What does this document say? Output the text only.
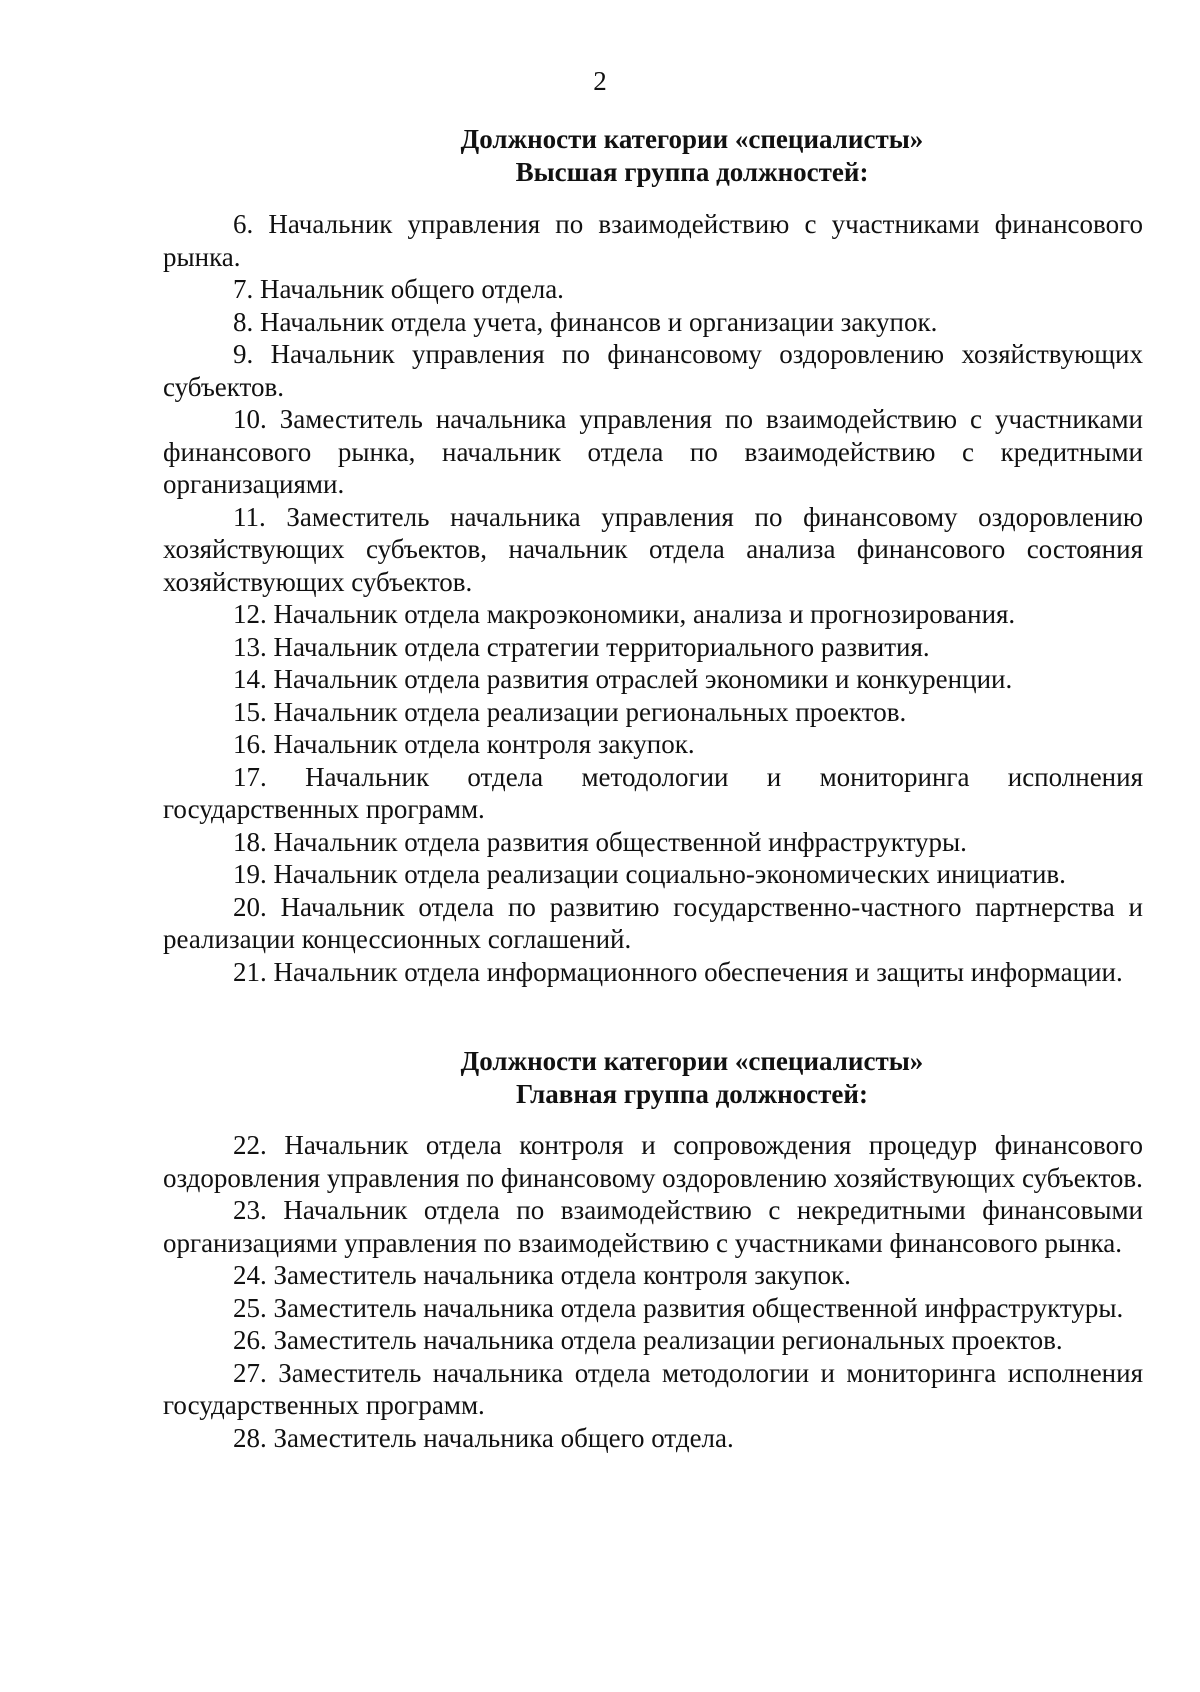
2
Должности категории «специалисты»
Высшая группа должностей:

6. Начальник управления по взаимодействию с участниками финансового рынка.

7. Начальник общего отдела.

8. Начальник отдела учета, финансов и организации закупок.

9. Начальник управления по финансовому оздоровлению хозяйствующих субъектов.

10. Заместитель начальника управления по взаимодействию с участниками финансового рынка, начальник отдела по взаимодействию с кредитными организациями.

11. Заместитель начальника управления по финансовому оздоровлению хозяйствующих субъектов, начальник отдела анализа финансового состояния хозяйствующих субъектов.

12. Начальник отдела макроэкономики, анализа и прогнозирования.

13. Начальник отдела стратегии территориального развития.

14. Начальник отдела развития отраслей экономики и конкуренции.

15. Начальник отдела реализации региональных проектов.

16. Начальник отдела контроля закупок.

17. Начальник отдела методологии и мониторинга исполнения государственных программ.

18. Начальник отдела развития общественной инфраструктуры.

19. Начальник отдела реализации социально-экономических инициатив.

20. Начальник отдела по развитию государственно-частного партнерства и реализации концессионных соглашений.

21. Начальник отдела информационного обеспечения и защиты информации.

Должности категории «специалисты»
Главная группа должностей:

22. Начальник отдела контроля и сопровождения процедур финансового оздоровления управления по финансовому оздоровлению хозяйствующих субъектов.

23. Начальник отдела по взаимодействию с некредитными финансовыми организациями управления по взаимодействию с участниками финансового рынка.

24. Заместитель начальника отдела контроля закупок.

25. Заместитель начальника отдела развития общественной инфраструктуры.

26. Заместитель начальника отдела реализации региональных проектов.

27. Заместитель начальника отдела методологии и мониторинга исполнения государственных программ.

28. Заместитель начальника общего отдела.
